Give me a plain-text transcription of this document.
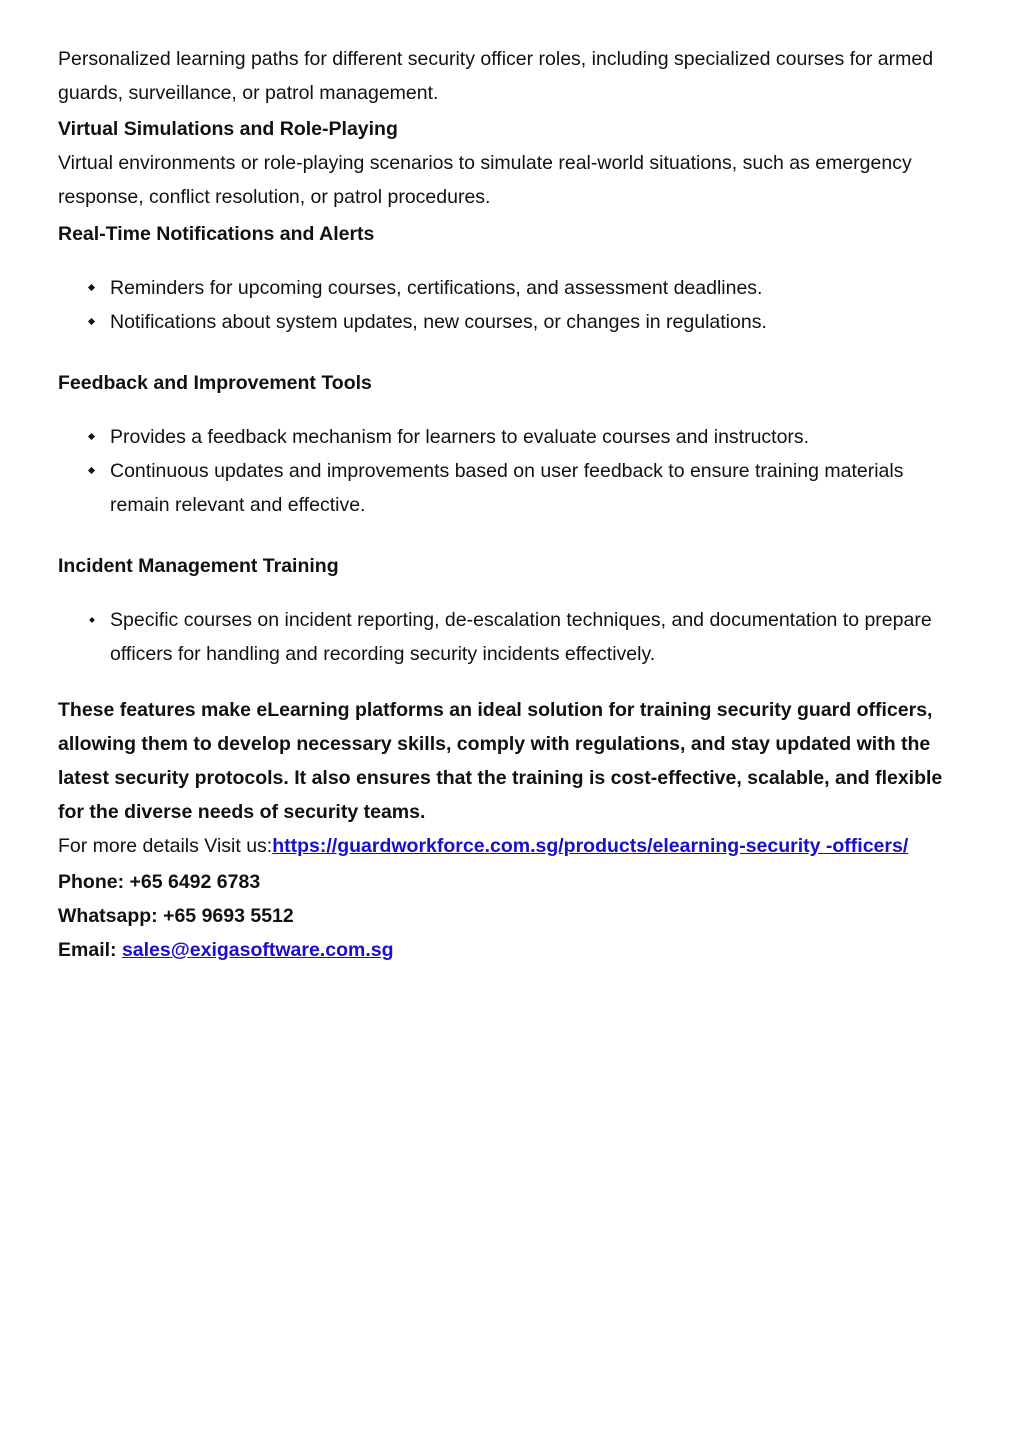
Personalized learning paths for different security officer roles, including specialized courses for armed guards, surveillance, or patrol management.

Virtual Simulations and Role-Playing

Virtual environments or role-playing scenarios to simulate real-world situations, such as emergency response, conflict resolution, or patrol procedures.

Real-Time Notifications and Alerts

Reminders for upcoming courses, certifications, and assessment deadlines.
Notifications about system updates, new courses, or changes in regulations.

Feedback and Improvement Tools

Provides a feedback mechanism for learners to evaluate courses and instructors.
Continuous updates and improvements based on user feedback to ensure training materials remain relevant and effective.

Incident Management Training

Specific courses on incident reporting, de-escalation techniques, and documentation to prepare officers for handling and recording security incidents effectively.

These features make eLearning platforms an ideal solution for training security guard officers, allowing them to develop necessary skills, comply with regulations, and stay updated with the latest security protocols. It also ensures that the training is cost-effective, scalable, and flexible for the diverse needs of security teams.

For more details Visit us:https://guardworkforce.com.sg/products/elearning-security -officers/

Phone: +65 6492 6783

Whatsapp: +65 9693 5512

Email: sales@exigasoftware.com.sg
